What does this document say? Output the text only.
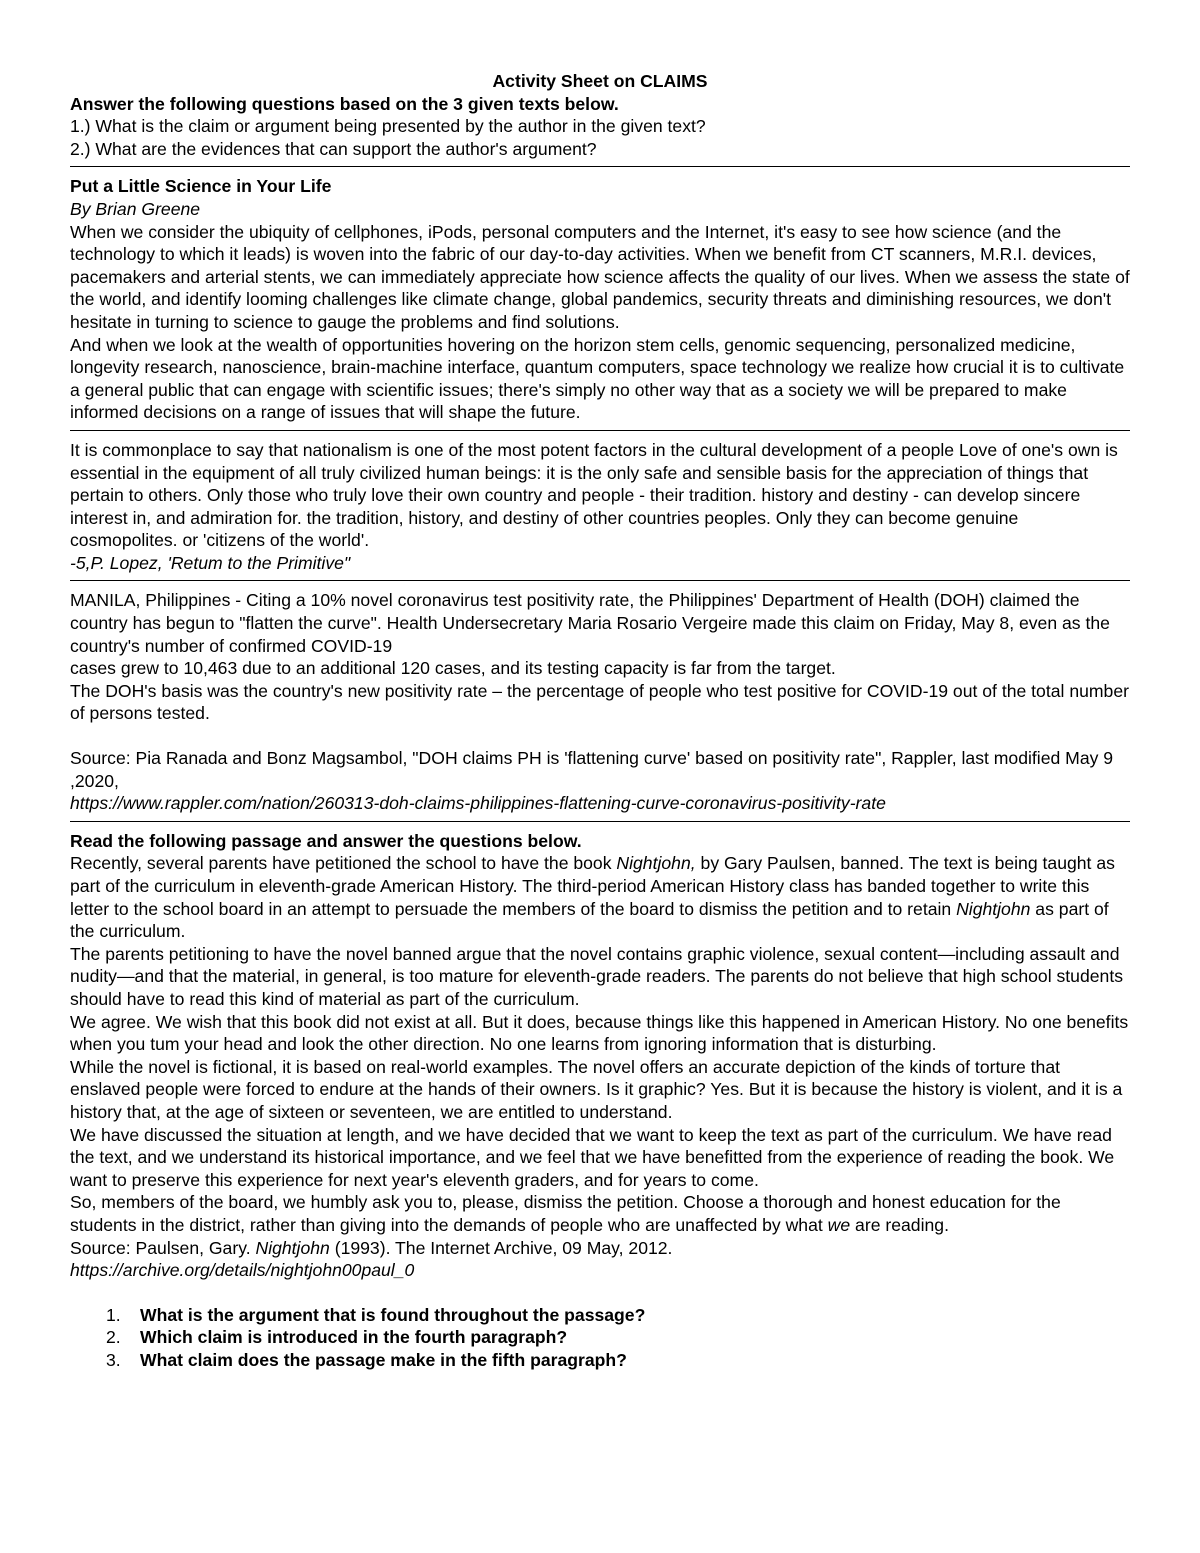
Activity Sheet on CLAIMS

Answer the following questions based on the 3 given texts below.

1.) What is the claim or argument being presented by the author in the given text?

2.) What are the evidences that can support the author's argument?

Put a Little Science in Your Life

By Brian Greene

When we consider the ubiquity of cellphones, iPods, personal computers and the Internet, it's easy to see how science (and the technology to which it leads) is woven into the fabric of our day-to-day activities. When we benefit from CT scanners, M.R.I. devices, pacemakers and arterial stents, we can immediately appreciate how science affects the quality of our lives. When we assess the state of the world, and identify looming challenges like climate change, global pandemics, security threats and diminishing resources, we don't hesitate in turning to science to gauge the problems and find solutions.

And when we look at the wealth of opportunities hovering on the horizon stem cells, genomic sequencing, personalized medicine, longevity research, nanoscience, brain-machine interface, quantum computers, space technology we realize how crucial it is to cultivate a general public that can engage with scientific issues; there's simply no other way that as a society we will be prepared to make informed decisions on a range of issues that will shape the future.

It is commonplace to say that nationalism is one of the most potent factors in the cultural development of a people Love of one's own is essential in the equipment of all truly civilized human beings: it is the only safe and sensible basis for the appreciation of things that pertain to others. Only those who truly love their own country and people - their tradition. history and destiny - can develop sincere interest in, and admiration for. the tradition, history, and destiny of other countries peoples. Only they can become genuine cosmopolites. or 'citizens of the world'.

-5,P. Lopez, 'Retum to the Primitive"

MANILA, Philippines - Citing a 10% novel coronavirus test positivity rate, the Philippines' Department of Health (DOH) claimed the country has begun to "flatten the curve". Health Undersecretary Maria Rosario Vergeire made this claim on Friday, May 8, even as the country's number of confirmed COVID-19

cases grew to 10,463 due to an additional 120 cases, and its testing capacity is far from the target.

The DOH's basis was the country's new positivity rate – the percentage of people who test positive for COVID-19 out of the total number of persons tested.

Source: Pia Ranada and Bonz Magsambol, "DOH claims PH is 'flattening curve' based on positivity rate", Rappler, last modified May 9 ,2020,

https://www.rappler.com/nation/260313-doh-claims-philippines-flattening-curve-coronavirus-positivity-rate

Read the following passage and answer the questions below.

Recently, several parents have petitioned the school to have the book Nightjohn, by Gary Paulsen, banned. The text is being taught as part of the curriculum in eleventh-grade American History. The third-period American History class has banded together to write this letter to the school board in an attempt to persuade the members of the board to dismiss the petition and to retain Nightjohn as part of the curriculum.

The parents petitioning to have the novel banned argue that the novel contains graphic violence, sexual content—including assault and nudity—and that the material, in general, is too mature for eleventh-grade readers. The parents do not believe that high school students should have to read this kind of material as part of the curriculum.

We agree. We wish that this book did not exist at all. But it does, because things like this happened in American History. No one benefits when you tum your head and look the other direction. No one learns from ignoring information that is disturbing.

While the novel is fictional, it is based on real-world examples. The novel offers an accurate depiction of the kinds of torture that enslaved people were forced to endure at the hands of their owners. Is it graphic? Yes. But it is because the history is violent, and it is a history that, at the age of sixteen or seventeen, we are entitled to understand.

We have discussed the situation at length, and we have decided that we want to keep the text as part of the curriculum. We have read the text, and we understand its historical importance, and we feel that we have benefitted from the experience of reading the book. We want to preserve this experience for next year's eleventh graders, and for years to come.

So, members of the board, we humbly ask you to, please, dismiss the petition. Choose a thorough and honest education for the students in the district, rather than giving into the demands of people who are unaffected by what we are reading.

Source: Paulsen, Gary. Nightjohn (1993). The Internet Archive, 09 May, 2012.

https://archive.org/details/nightjohn00paul_0

1. What is the argument that is found throughout the passage?
2. Which claim is introduced in the fourth paragraph?
3. What claim does the passage make in the fifth paragraph?
